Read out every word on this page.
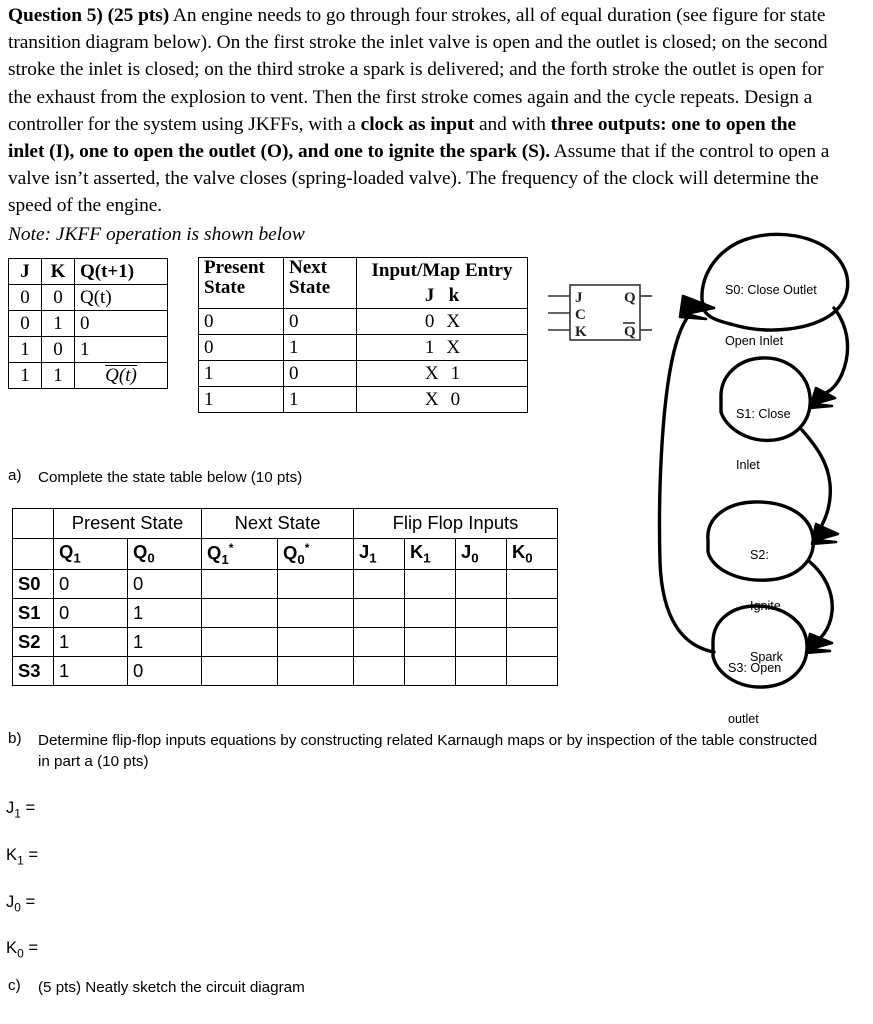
Question 5) (25 pts) An engine needs to go through four strokes, all of equal duration (see figure for state transition diagram below). On the first stroke the inlet valve is open and the outlet is closed; on the second stroke the inlet is closed; on the third stroke a spark is delivered; and the forth stroke the outlet is open for the exhaust from the explosion to vent. Then the first stroke comes again and the cycle repeats. Design a controller for the system using JKFFs, with a clock as input and with three outputs: one to open the inlet (I), one to open the outlet (O), and one to ignite the spark (S). Assume that if the control to open a valve isn’t asserted, the valve closes (spring-loaded valve). The frequency of the clock will determine the speed of the engine.
Note: JKFF operation is shown below
J	K	Q(t+1)
0	0	Q(t)
0	1	0
1	0	1
1	1	Q(t)
Present State	Next State	Input/Map Entry
		J k
0	0	0X
0	1	1X
1	0	X1
1	1	X0
J
C
K
Q
Q

S0: Close Outlet

Open Inlet

S1: Close

Inlet

S2:

Ignite

Spark

S3: Open

outlet

a) Complete the state table below (10 pts)
	Present State		Next State		Flip Flop Inputs			
	$Q_1$	$Q_0$	$Q_1^*$	$Q_0^*$	$J_1$	$K_1$	$J_0$	$K_0$
S0	0	0						
S1	0	1						
S2	1	1						
S3	1	0						
b) Determine flip-flop inputs equations by constructing related Karnaugh maps or by inspection of the table constructed in part a (10 pts)
$J_1$ =
$K_1$ =
$J_0$ =
$K_0$ =
c) (5 pts) Neatly sketch the circuit diagram
